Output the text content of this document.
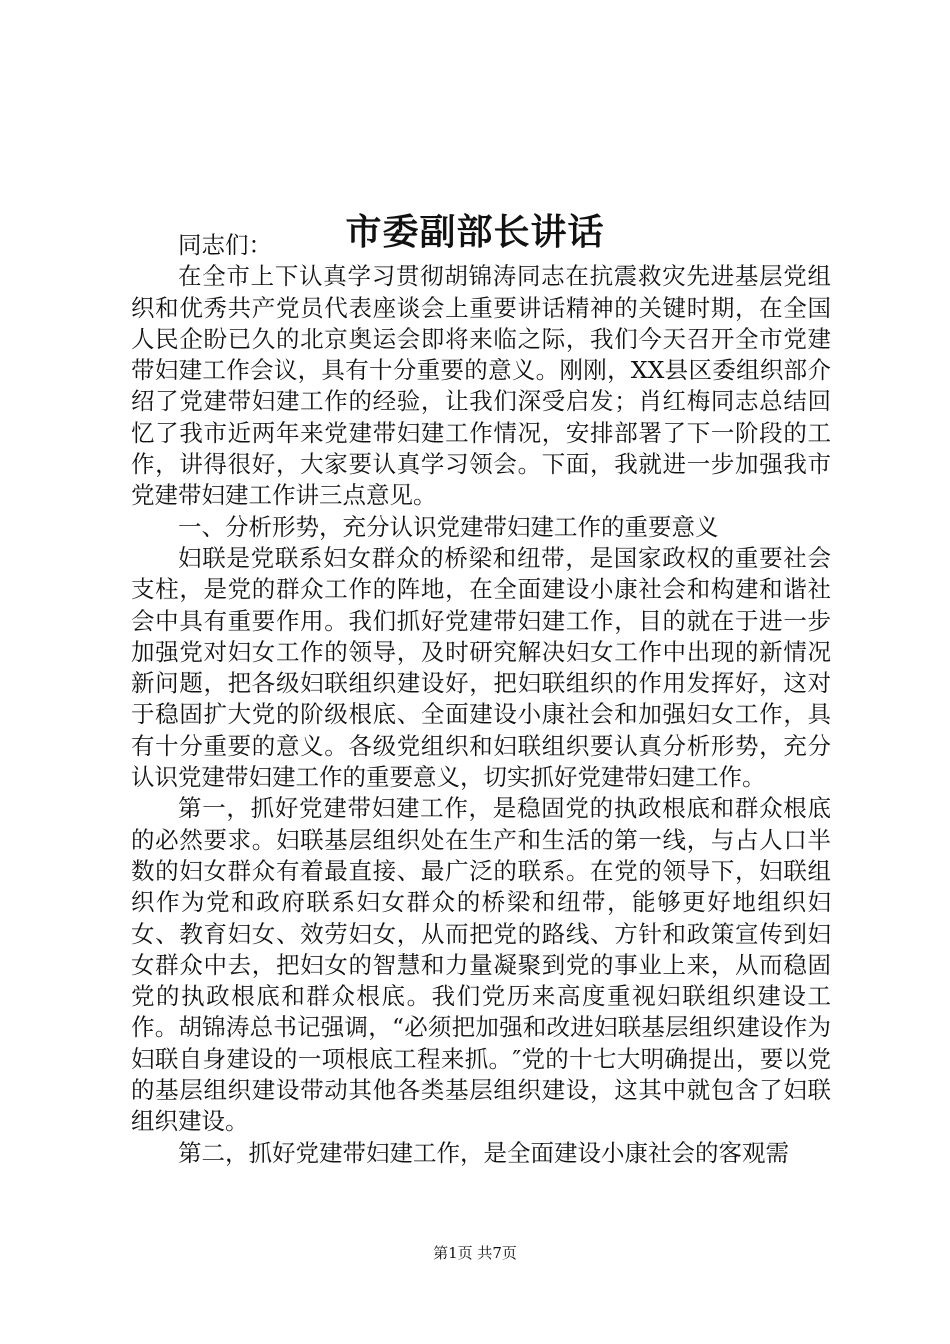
市委副部长讲话

同志们：

在全市上下认真学习贯彻胡锦涛同志在抗震救灾先进基层党组织和优秀共产党员代表座谈会上重要讲话精神的关键时期，在全国人民企盼已久的北京奥运会即将来临之际，我们今天召开全市党建带妇建工作会议，具有十分重要的意义。刚刚，XX县区委组织部介绍了党建带妇建工作的经验，让我们深受启发；肖红梅同志总结回忆了我市近两年来党建带妇建工作情况，安排部署了下一阶段的工作，讲得很好，大家要认真学习领会。下面，我就进一步加强我市党建带妇建工作讲三点意见。

一、分析形势，充分认识党建带妇建工作的重要意义

妇联是党联系妇女群众的桥梁和纽带，是国家政权的重要社会支柱，是党的群众工作的阵地，在全面建设小康社会和构建和谐社会中具有重要作用。我们抓好党建带妇建工作，目的就在于进一步加强党对妇女工作的领导，及时研究解决妇女工作中出现的新情况新问题，把各级妇联组织建设好，把妇联组织的作用发挥好，这对于稳固扩大党的阶级根底、全面建设小康社会和加强妇女工作，具有十分重要的意义。各级党组织和妇联组织要认真分析形势，充分认识党建带妇建工作的重要意义，切实抓好党建带妇建工作。

第一，抓好党建带妇建工作，是稳固党的执政根底和群众根底的必然要求。妇联基层组织处在生产和生活的第一线，与占人口半数的妇女群众有着最直接、最广泛的联系。在党的领导下，妇联组织作为党和政府联系妇女群众的桥梁和纽带，能够更好地组织妇女、教育妇女、效劳妇女，从而把党的路线、方针和政策宣传到妇女群众中去，把妇女的智慧和力量凝聚到党的事业上来，从而稳固党的执政根底和群众根底。我们党历来高度重视妇联组织建设工作。胡锦涛总书记强调，“必须把加强和改进妇联基层组织建设作为妇联自身建设的一项根底工程来抓。″党的十七大明确提出，要以党的基层组织建设带动其他各类基层组织建设，这其中就包含了妇联组织建设。

第二，抓好党建带妇建工作，是全面建设小康社会的客观需

第1页 共7页
